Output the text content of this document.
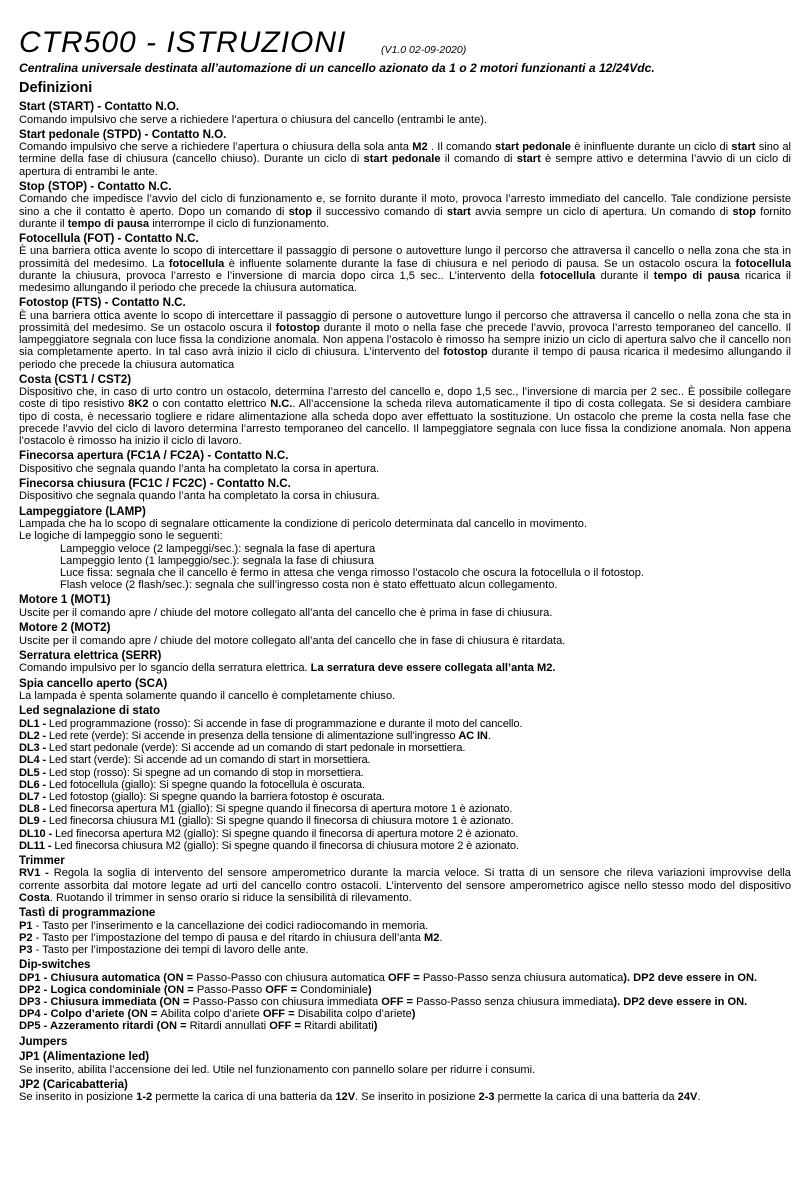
CTR500 - ISTRUZIONI	(V1.0 02-09-2020)
Centralina universale destinata all’automazione di un cancello azionato da 1 o 2 motori funzionanti a 12/24Vdc.
Definizioni
Start (START) - Contatto N.O.
Comando impulsivo che serve a richiedere l’apertura o chiusura del cancello (entrambi le ante).
Start pedonale (STPD) - Contatto N.O.
Comando impulsivo che serve a richiedere l’apertura o chiusura della sola anta M2 . Il comando start pedonale è ininfluente durante un ciclo di start sino al termine della fase di chiusura (cancello chiuso). Durante un ciclo di start pedonale il comando di start è sempre attivo e determina l’avvio di un ciclo di apertura di entrambi le ante.
Stop (STOP) - Contatto N.C.
Comando che impedisce l’avvio del ciclo di funzionamento e, se fornito durante il moto, provoca l’arresto immediato del cancello. Tale condizione persiste sino a che il contatto è aperto. Dopo un comando di stop il successivo comando di start avvia sempre un ciclo di apertura. Un comando di stop fornito durante il tempo di pausa interrompe il ciclo di funzionamento.
Fotocellula (FOT) - Contatto N.C.
È una barriera ottica avente lo scopo di intercettare il passaggio di persone o autovetture lungo il percorso che attraversa il cancello o nella zona che sta in prossimità del medesimo. La fotocellula è influente solamente durante la fase di chiusura e nel periodo di pausa. Se un ostacolo oscura la fotocellula durante la chiusura, provoca l’arresto e l’inversione di marcia dopo circa 1,5 sec.. L’intervento della fotocellula durante il tempo di pausa ricarica il medesimo allungando il periodo che precede la chiusura automatica.
Fotostop (FTS) - Contatto N.C.
È una barriera ottica avente lo scopo di intercettare il passaggio di persone o autovetture lungo il percorso che attraversa il cancello o nella zona che sta in prossimità del medesimo. Se un ostacolo oscura il fotostop durante il moto o nella fase che precede l’avvio, provoca l’arresto temporaneo del cancello. Il lampeggiatore segnala con luce fissa la condizione anomala. Non appena l’ostacolo è rimosso ha sempre inizio un ciclo di apertura salvo che il cancello non sia completamente aperto. In tal caso avrà inizio il ciclo di chiusura. L’intervento del fotostop durante il tempo di pausa ricarica il medesimo allungando il periodo che precede la chiusura automatica
Costa (CST1 / CST2)
Dispositivo che, in caso di urto contro un ostacolo, determina l’arresto del cancello e, dopo 1,5 sec., l’inversione di marcia per 2 sec.. È possibile collegare coste di tipo resistivo 8K2 o con contatto elettrico N.C.. All’accensione la scheda rileva automaticamente il tipo di costa collegata. Se si desidera cambiare tipo di costa, è necessario togliere e ridare alimentazione alla scheda dopo aver effettuato la sostituzione. Un ostacolo che preme la costa nella fase che precede l’avvio del ciclo di lavoro determina l’arresto temporaneo del cancello. Il lampeggiatore segnala con luce fissa la condizione anomala. Non appena l’ostacolo è rimosso ha inizio il ciclo di lavoro.
Finecorsa apertura (FC1A / FC2A) - Contatto N.C.
Dispositivo che segnala quando l’anta ha completato la corsa in apertura.
Finecorsa chiusura (FC1C / FC2C) - Contatto N.C.
Dispositivo che segnala quando l’anta ha completato la corsa in chiusura.
Lampeggiatore (LAMP)
Lampada che ha lo scopo di segnalare otticamente la condizione di pericolo determinata dal cancello in movimento.
Le logiche di lampeggio sono le seguenti:
Lampeggio veloce (2 lampeggi/sec.): segnala la fase di apertura
Lampeggio lento (1 lampeggio/sec.): segnala la fase di chiusura
Luce fissa: segnala che il cancello è fermo in attesa che venga rimosso l’ostacolo che oscura la fotocellula o il fotostop.
Flash veloce (2 flash/sec.): segnala che sull’ingresso costa non è stato effettuato alcun collegamento.
Motore 1 (MOT1)
Uscite per il comando apre / chiude del motore collegato all’anta del cancello che è prima in fase di chiusura.
Motore 2 (MOT2)
Uscite per il comando apre / chiude del motore collegato all’anta del cancello che in fase di chiusura è ritardata.
Serratura elettrica (SERR)
Comando impulsivo per lo sgancio della serratura elettrica. La serratura deve essere collegata all’anta M2.
Spia cancello aperto (SCA)
La lampada è spenta solamente quando il cancello è completamente chiuso.
Led segnalazione di stato
DL1 - Led programmazione (rosso): Si accende in fase di programmazione e durante il moto del cancello.
DL2 - Led rete (verde): Si accende in presenza della tensione di alimentazione sull’ingresso AC IN.
DL3 - Led start pedonale (verde): Si accende ad un comando di start pedonale in morsettiera.
DL4 - Led start (verde): Si accende ad un comando di start in morsettiera.
DL5 - Led stop (rosso): Si spegne ad un comando di stop in morsettiera.
DL6 - Led fotocellula (giallo): Si spegne quando la fotocellula è oscurata.
DL7 - Led fotostop (giallo): Si spegne quando la barriera fotostop è oscurata.
DL8 - Led finecorsa apertura M1 (giallo): Si spegne quando il finecorsa di apertura motore 1 è azionato.
DL9 - Led finecorsa chiusura M1 (giallo): Si spegne quando il finecorsa di chiusura motore 1 è azionato.
DL10 - Led finecorsa apertura M2 (giallo): Si spegne quando il finecorsa di apertura motore 2 è azionato.
DL11 - Led finecorsa chiusura M2 (giallo): Si spegne quando il finecorsa di chiusura motore 2 è azionato.
Trimmer
RV1 - Regola la soglia di intervento del sensore amperometrico durante la marcia veloce. Si tratta di un sensore che rileva variazioni improvvise della corrente assorbita dal motore legate ad urti del cancello contro ostacoli. L’intervento del sensore amperometrico agisce nello stesso modo del dispositivo Costa. Ruotando il trimmer in senso orario si riduce la sensibilità di rilevamento.
Tastì di programmazione
P1 - Tasto per l’inserimento e la cancellazione dei codici radiocomando in memoria.
P2 - Tasto per l’impostazione del tempo di pausa e del ritardo in chiusura dell’anta M2.
P3 - Tasto per l’impostazione dei tempi di lavoro delle ante.
Dip-switches
DP1 - Chiusura automatica (ON = Passo-Passo con chiusura automatica OFF = Passo-Passo senza chiusura automatica). DP2 deve essere in ON.
DP2 - Logica condominiale (ON = Passo-Passo OFF = Condominiale)
DP3 - Chiusura immediata (ON = Passo-Passo con chiusura immediata OFF = Passo-Passo senza chiusura immediata). DP2 deve essere in ON.
DP4 - Colpo d’ariete (ON = Abilita colpo d’ariete OFF = Disabilita colpo d’ariete)
DP5 - Azzeramento ritardi (ON = Ritardi annullati OFF = Ritardi abilitati)
Jumpers
JP1 (Alimentazione led)
Se inserito, abilita l’accensione dei led. Utile nel funzionamento con pannello solare per ridurre i consumi.
JP2 (Caricabatteria)
Se inserito in posizione 1-2 permette la carica di una batteria da 12V. Se inserito in posizione 2-3 permette la carica di una batteria da 24V.
